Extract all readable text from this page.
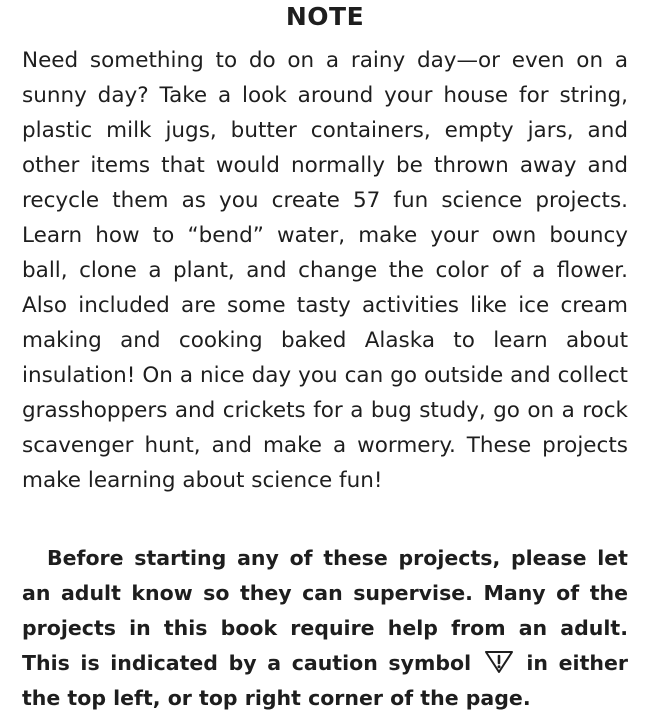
NOTE

Need something to do on a rainy day—or even on a sunny day? Take a look around your house for string, plastic milk jugs, butter containers, empty jars, and other items that would normally be thrown away and recycle them as you create 57 fun science projects. Learn how to “bend” water, make your own bouncy ball, clone a plant, and change the color of a flower. Also included are some tasty activities like ice cream making and cooking baked Alaska to learn about insulation! On a nice day you can go outside and collect grasshoppers and crickets for a bug study, go on a rock scavenger hunt, and make a wormery. These projects make learning about science fun!

Before starting any of these projects, please let an adult know so they can supervise. Many of the projects in this book require help from an adult. This is indicated by a caution symbol	in either the top left, or top right corner of the page.
